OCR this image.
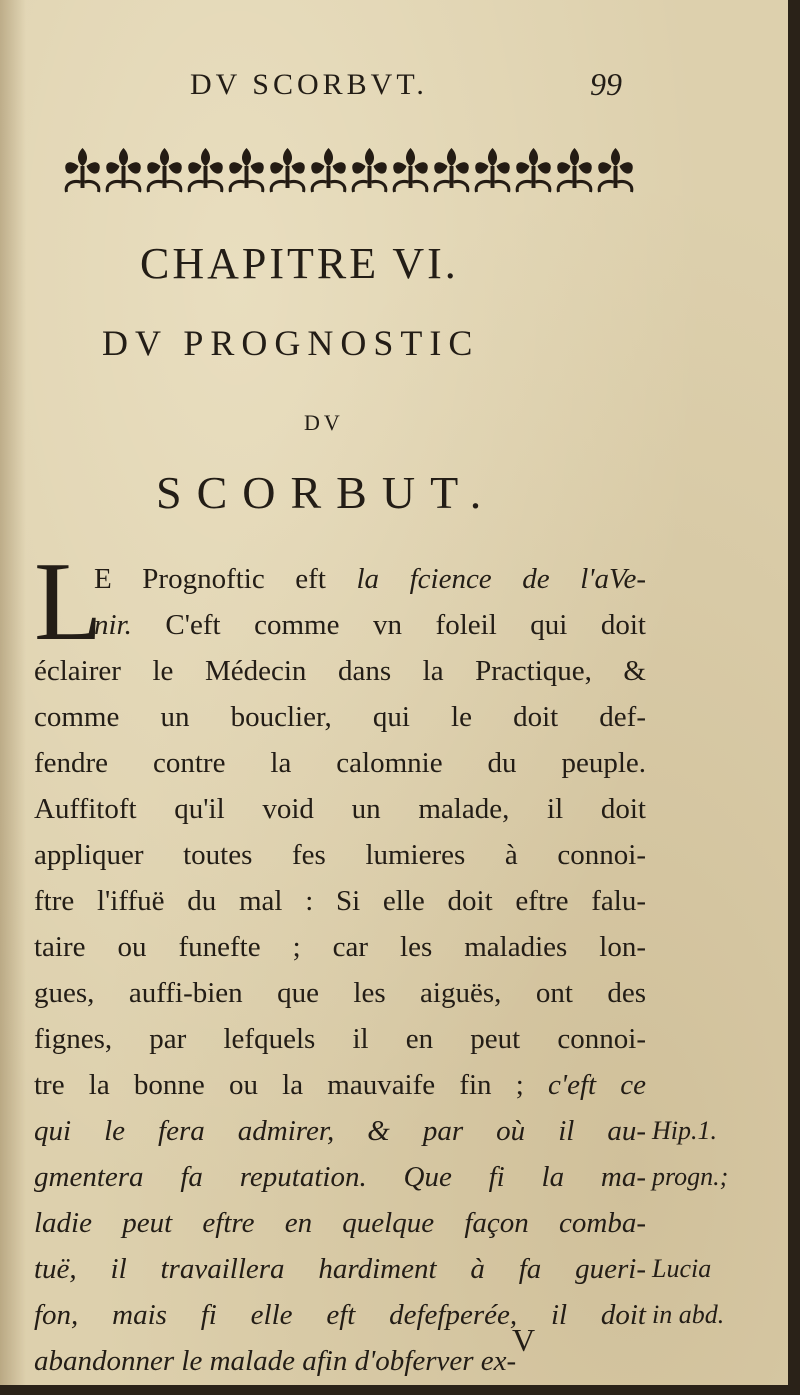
DV SCORBVT.	99
CHAPITRE VI.
DV PROGNOSTIC
DV
SCORBUT.
L
E Prognoftic eft la fcience de l'aVe-
nir. C'eft comme vn foleil qui doit
éclairer le Médecin dans la Practique, &
comme un bouclier, qui le doit def-
fendre contre la calomnie du peuple.
Auffitoft qu'il void un malade, il doit
appliquer toutes fes lumieres à connoi-
ftre l'iffuë du mal : Si elle doit eftre falu-
taire ou funefte ; car les maladies lon-
gues, auffi-bien que les aiguës, ont des
fignes, par lefquels il en peut connoi-
tre la bonne ou la mauvaife fin ; c'eft ce
qui le fera admirer, & par où il au-
gmentera fa reputation. Que fi la ma-
ladie peut eftre en quelque façon comba-
tuë, il travaillera hardiment à fa gueri-
fon, mais fi elle eft defefperée, il doit
abandonner le malade afin d'obferver ex-
Hip.1.
progn.;
Lucia
in abd.
V
